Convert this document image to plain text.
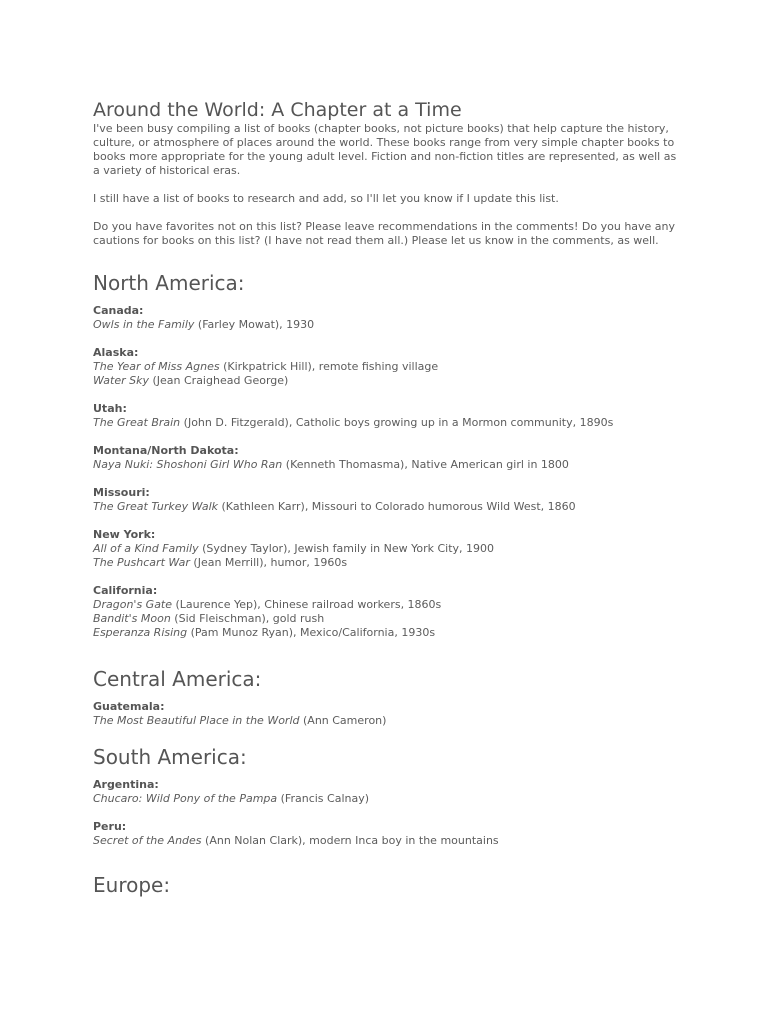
Around the World: A Chapter at a Time

I've been busy compiling a list of books (chapter books, not picture books) that help capture the history, culture, or atmosphere of places around the world. These books range from very simple chapter books to books more appropriate for the young adult level. Fiction and non-fiction titles are represented, as well as a variety of historical eras.

I still have a list of books to research and add, so I'll let you know if I update this list.

Do you have favorites not on this list? Please leave recommendations in the comments! Do you have any cautions for books on this list? (I have not read them all.) Please let us know in the comments, as well.

North America:
Canada:
Owls in the Family (Farley Mowat), 1930
Alaska:
The Year of Miss Agnes (Kirkpatrick Hill), remote fishing village
Water Sky (Jean Craighead George)
Utah:
The Great Brain (John D. Fitzgerald), Catholic boys growing up in a Mormon community, 1890s
Montana/North Dakota:
Naya Nuki: Shoshoni Girl Who Ran (Kenneth Thomasma), Native American girl in 1800
Missouri:
The Great Turkey Walk (Kathleen Karr), Missouri to Colorado humorous Wild West, 1860
New York:
All of a Kind Family (Sydney Taylor), Jewish family in New York City, 1900
The Pushcart War (Jean Merrill), humor, 1960s
California:
Dragon's Gate (Laurence Yep), Chinese railroad workers, 1860s
Bandit's Moon (Sid Fleischman), gold rush
Esperanza Rising (Pam Munoz Ryan), Mexico/California, 1930s
Central America:
Guatemala:
The Most Beautiful Place in the World (Ann Cameron)
South America:
Argentina:
Chucaro: Wild Pony of the Pampa (Francis Calnay)
Peru:
Secret of the Andes (Ann Nolan Clark), modern Inca boy in the mountains
Europe:
